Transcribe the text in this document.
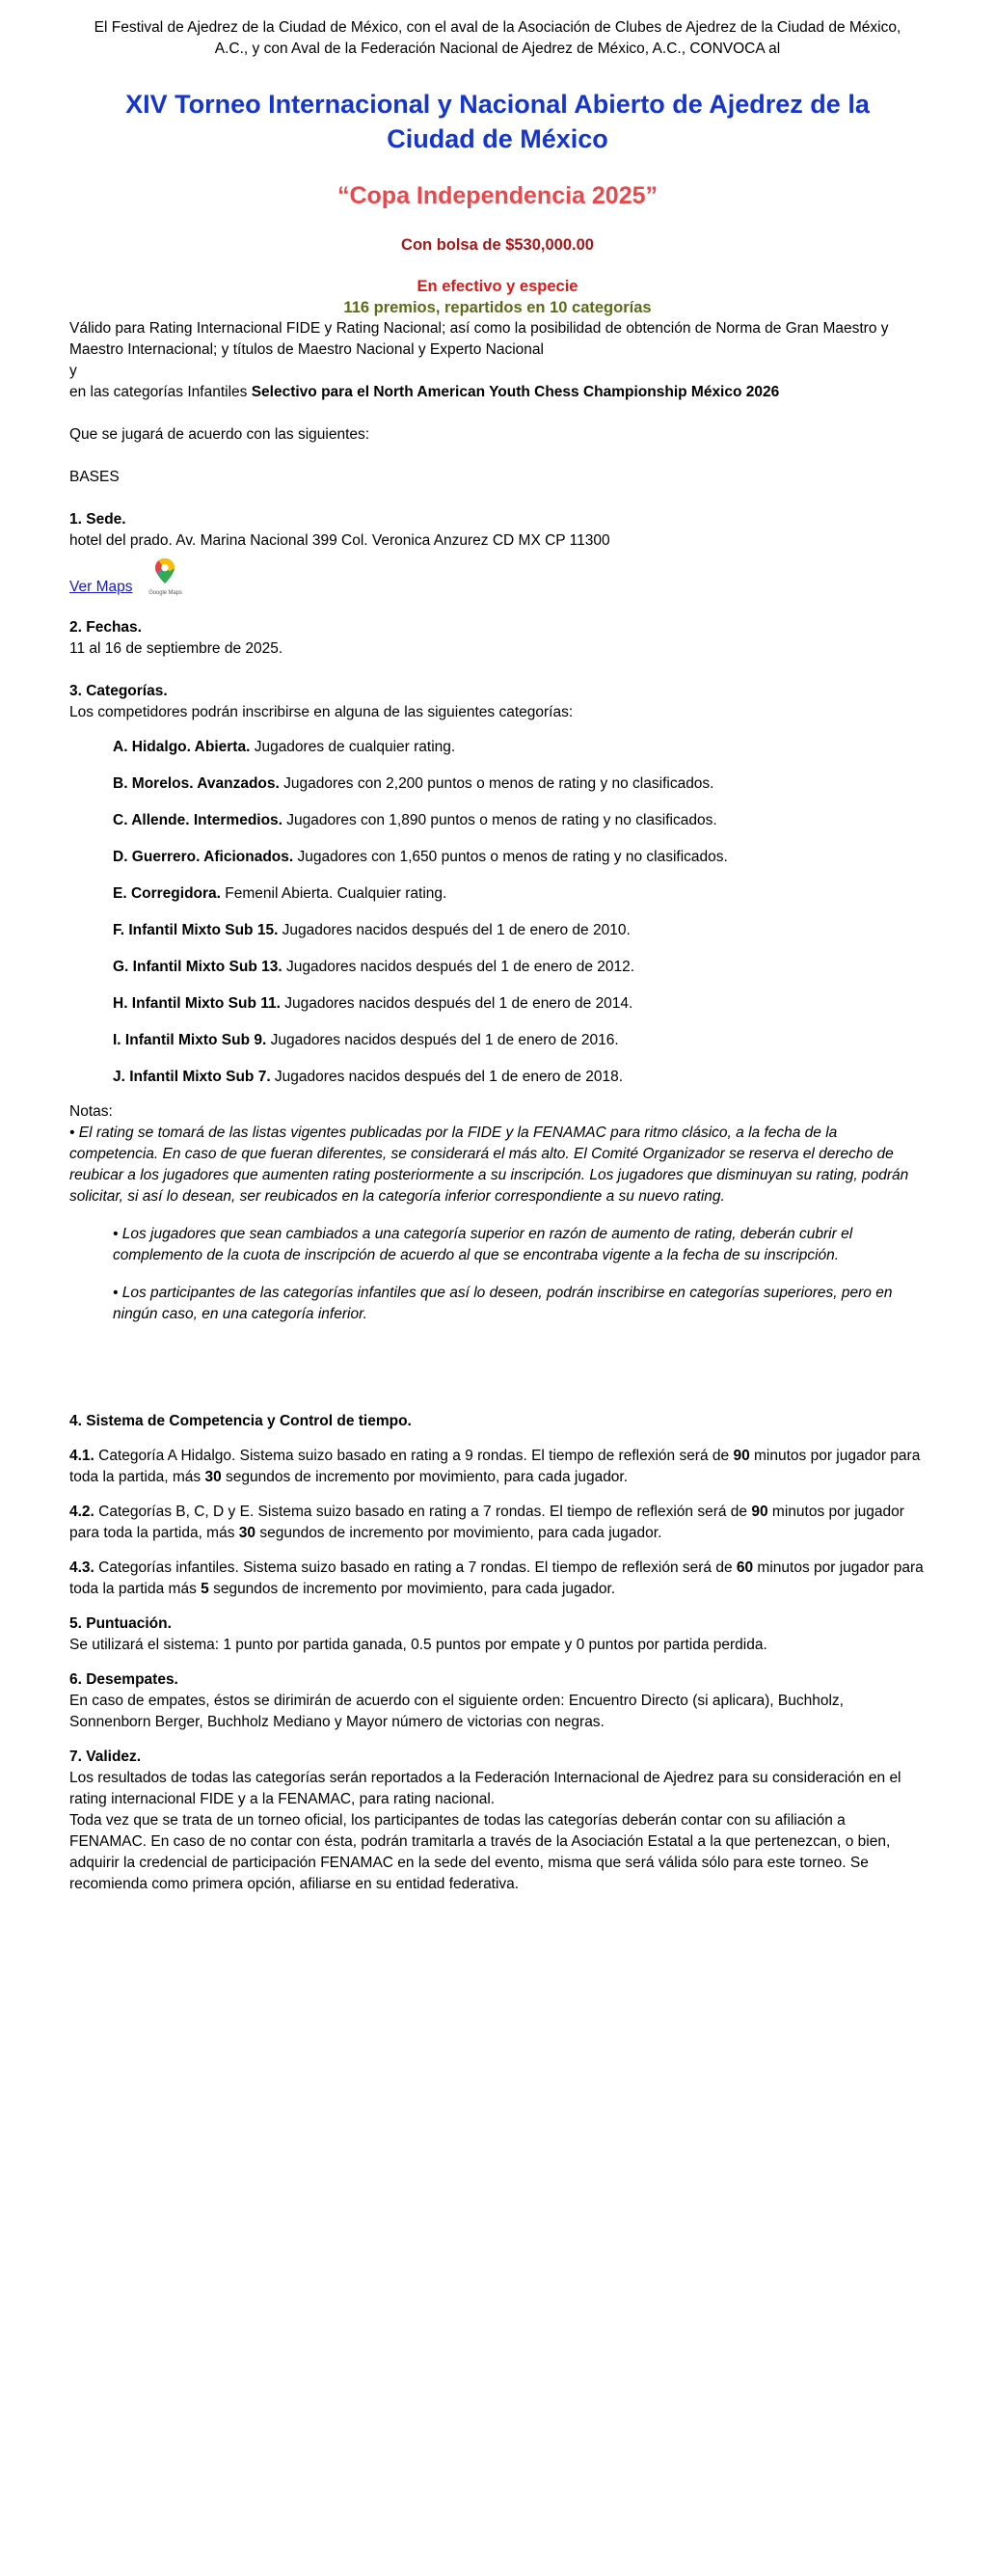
El Festival de Ajedrez de la Ciudad de México, con el aval de la Asociación de Clubes de Ajedrez de la Ciudad de México, A.C., y con Aval de la Federación Nacional de Ajedrez de México, A.C., CONVOCA al

XIV Torneo Internacional y Nacional Abierto de Ajedrez de la Ciudad de México
“Copa Independencia 2025”
Con bolsa de $530,000.00
En efectivo y especie
116 premios, repartidos en 10 categorías

Válido para Rating Internacional FIDE y Rating Nacional; así como la posibilidad de obtención de Norma de Gran Maestro y Maestro Internacional; y títulos de Maestro Nacional y Experto Nacional

y

en las categorías Infantiles Selectivo para el North American Youth Chess Championship México 2026

Que se jugará de acuerdo con las siguientes:

BASES

1. Sede.

hotel del prado. Av. Marina Nacional 399 Col. Veronica Anzurez CD MX CP 11300

Ver Maps	Google Maps

2. Fechas.

11 al 16 de septiembre de 2025.

3. Categorías.

Los competidores podrán inscribirse en alguna de las siguientes categorías:

A. Hidalgo. Abierta. Jugadores de cualquier rating.

B. Morelos. Avanzados. Jugadores con 2,200 puntos o menos de rating y no clasificados.

C. Allende. Intermedios. Jugadores con 1,890 puntos o menos de rating y no clasificados.

D. Guerrero. Aficionados. Jugadores con 1,650 puntos o menos de rating y no clasificados.

E. Corregidora. Femenil Abierta. Cualquier rating.

F. Infantil Mixto Sub 15. Jugadores nacidos después del 1 de enero de 2010.

G. Infantil Mixto Sub 13. Jugadores nacidos después del 1 de enero de 2012.

H. Infantil Mixto Sub 11. Jugadores nacidos después del 1 de enero de 2014.

I. Infantil Mixto Sub 9. Jugadores nacidos después del 1 de enero de 2016.

J. Infantil Mixto Sub 7. Jugadores nacidos después del 1 de enero de 2018.

Notas:

• El rating se tomará de las listas vigentes publicadas por la FIDE y la FENAMAC para ritmo clásico, a la fecha de la competencia. En caso de que fueran diferentes, se considerará el más alto. El Comité Organizador se reserva el derecho de reubicar a los jugadores que aumenten rating posteriormente a su inscripción. Los jugadores que disminuyan su rating, podrán solicitar, si así lo desean, ser reubicados en la categoría inferior correspondiente a su nuevo rating.

• Los jugadores que sean cambiados a una categoría superior en razón de aumento de rating, deberán cubrir el complemento de la cuota de inscripción de acuerdo al que se encontraba vigente a la fecha de su inscripción.

• Los participantes de las categorías infantiles que así lo deseen, podrán inscribirse en categorías superiores, pero en ningún caso, en una categoría inferior.

4. Sistema de Competencia y Control de tiempo.

4.1. Categoría A Hidalgo. Sistema suizo basado en rating a 9 rondas. El tiempo de reflexión será de 90 minutos por jugador para toda la partida, más 30 segundos de incremento por movimiento, para cada jugador.

4.2. Categorías B, C, D y E. Sistema suizo basado en rating a 7 rondas. El tiempo de reflexión será de 90 minutos por jugador para toda la partida, más 30 segundos de incremento por movimiento, para cada jugador.

4.3. Categorías infantiles. Sistema suizo basado en rating a 7 rondas. El tiempo de reflexión será de 60 minutos por jugador para toda la partida más 5 segundos de incremento por movimiento, para cada jugador.

5. Puntuación.

Se utilizará el sistema: 1 punto por partida ganada, 0.5 puntos por empate y 0 puntos por partida perdida.

6. Desempates.

En caso de empates, éstos se dirimirán de acuerdo con el siguiente orden: Encuentro Directo (si aplicara), Buchholz, Sonnenborn Berger, Buchholz Mediano y Mayor número de victorias con negras.

7. Validez.

Los resultados de todas las categorías serán reportados a la Federación Internacional de Ajedrez para su consideración en el rating internacional FIDE y a la FENAMAC, para rating nacional.

Toda vez que se trata de un torneo oficial, los participantes de todas las categorías deberán contar con su afiliación a FENAMAC. En caso de no contar con ésta, podrán tramitarla a través de la Asociación Estatal a la que pertenezcan, o bien, adquirir la credencial de participación FENAMAC en la sede del evento, misma que será válida sólo para este torneo. Se recomienda como primera opción, afiliarse en su entidad federativa.
